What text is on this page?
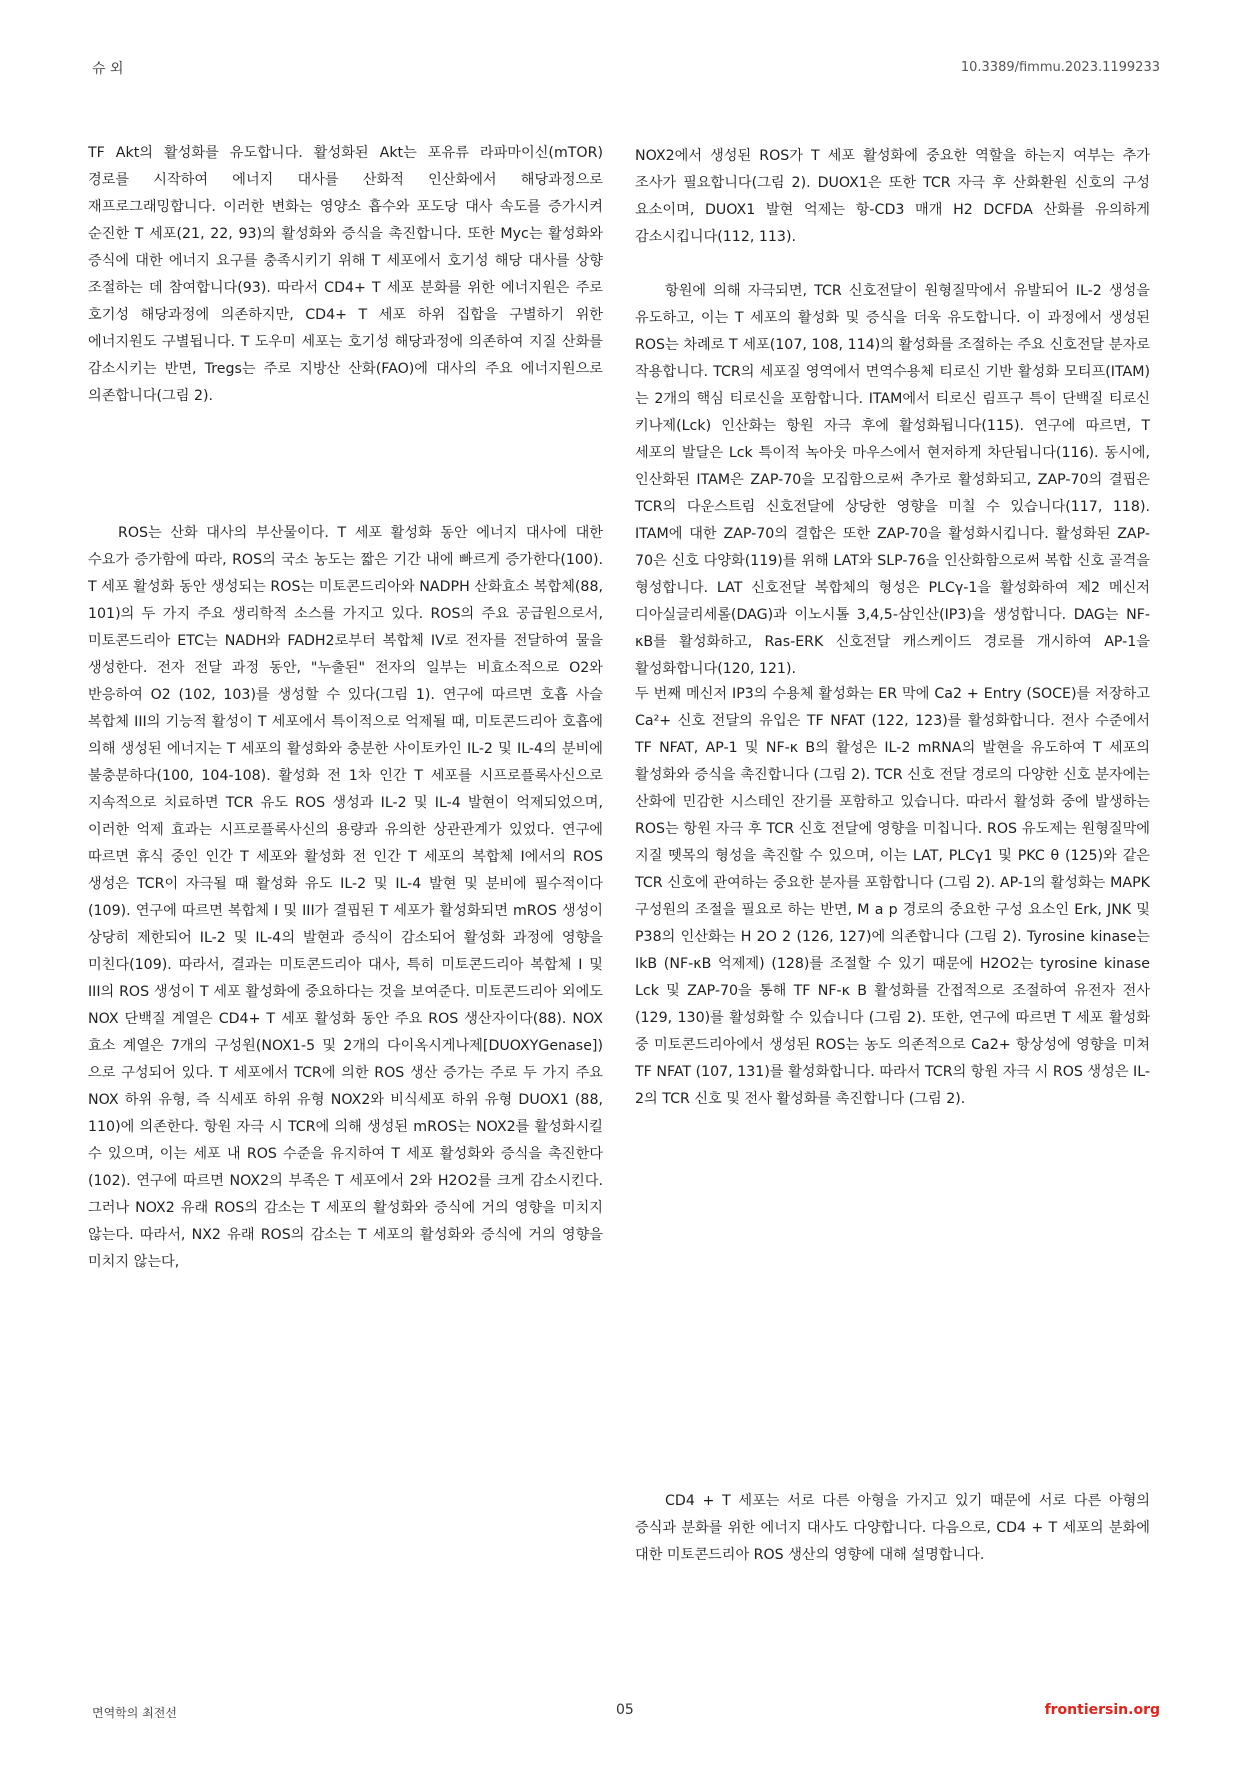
슈 외	10.3389/fimmu.2023.1199233

TF Akt의 활성화를 유도합니다. 활성화된 Akt는 포유류 라파마이신(mTOR) 경로를 시작하여 에너지 대사를 산화적 인산화에서 해당과정으로 재프로그래밍합니다. 이러한 변화는 영양소 흡수와 포도당 대사 속도를 증가시켜 순진한 T 세포(21, 22, 93)의 활성화와 증식을 촉진합니다. 또한 Myc는 활성화와 증식에 대한 에너지 요구를 충족시키기 위해 T 세포에서 호기성 해당 대사를 상향 조절하는 데 참여합니다(93). 따라서 CD4+ T 세포 분화를 위한 에너지원은 주로 호기성 해당과정에 의존하지만, CD4+ T 세포 하위 집합을 구별하기 위한 에너지원도 구별됩니다. T 도우미 세포는 호기성 해당과정에 의존하여 지질 산화를 감소시키는 반면, Tregs는 주로 지방산 산화(FAO)에 대사의 주요 에너지원으로 의존합니다(그림 2).

ROS는 산화 대사의 부산물이다. T 세포 활성화 동안 에너지 대사에 대한 수요가 증가함에 따라, ROS의 국소 농도는 짧은 기간 내에 빠르게 증가한다(100). T 세포 활성화 동안 생성되는 ROS는 미토콘드리아와 NADPH 산화효소 복합체(88, 101)의 두 가지 주요 생리학적 소스를 가지고 있다. ROS의 주요 공급원으로서, 미토콘드리아 ETC는 NADH와 FADH2로부터 복합체 IV로 전자를 전달하여 물을 생성한다. 전자 전달 과정 동안, "누출된" 전자의 일부는 비효소적으로 O2와 반응하여 O2 (102, 103)를 생성할 수 있다(그림 1). 연구에 따르면 호흡 사슬 복합체 III의 기능적 활성이 T 세포에서 특이적으로 억제될 때, 미토콘드리아 호흡에 의해 생성된 에너지는 T 세포의 활성화와 충분한 사이토카인 IL-2 및 IL-4의 분비에 불충분하다(100, 104-108). 활성화 전 1차 인간 T 세포를 시프로플록사신으로 지속적으로 치료하면 TCR 유도 ROS 생성과 IL-2 및 IL-4 발현이 억제되었으며, 이러한 억제 효과는 시프로플록사신의 용량과 유의한 상관관계가 있었다. 연구에 따르면 휴식 중인 인간 T 세포와 활성화 전 인간 T 세포의 복합체 I에서의 ROS 생성은 TCR이 자극될 때 활성화 유도 IL-2 및 IL-4 발현 및 분비에 필수적이다(109). 연구에 따르면 복합체 I 및 III가 결핍된 T 세포가 활성화되면 mROS 생성이 상당히 제한되어 IL-2 및 IL-4의 발현과 증식이 감소되어 활성화 과정에 영향을 미친다(109). 따라서, 결과는 미토콘드리아 대사, 특히 미토콘드리아 복합체 I 및 III의 ROS 생성이 T 세포 활성화에 중요하다는 것을 보여준다. 미토콘드리아 외에도 NOX 단백질 계열은 CD4+ T 세포 활성화 동안 주요 ROS 생산자이다(88). NOX 효소 계열은 7개의 구성원(NOX1-5 및 2개의 다이옥시게나제[DUOXYGenase])으로 구성되어 있다. T 세포에서 TCR에 의한 ROS 생산 증가는 주로 두 가지 주요 NOX 하위 유형, 즉 식세포 하위 유형 NOX2와 비식세포 하위 유형 DUOX1 (88, 110)에 의존한다. 항원 자극 시 TCR에 의해 생성된 mROS는 NOX2를 활성화시킬 수 있으며, 이는 세포 내 ROS 수준을 유지하여 T 세포 활성화와 증식을 촉진한다(102). 연구에 따르면 NOX2의 부족은 T 세포에서 2와 H2O2를 크게 감소시킨다. 그러나 NOX2 유래 ROS의 감소는 T 세포의 활성화와 증식에 거의 영향을 미치지 않는다. 따라서, NX2 유래 ROS의 감소는 T 세포의 활성화와 증식에 거의 영향을 미치지 않는다,

NOX2에서 생성된 ROS가 T 세포 활성화에 중요한 역할을 하는지 여부는 추가 조사가 필요합니다(그림 2). DUOX1은 또한 TCR 자극 후 산화환원 신호의 구성 요소이며, DUOX1 발현 억제는 항-CD3 매개 H2 DCFDA 산화를 유의하게 감소시킵니다(112, 113).

항원에 의해 자극되면, TCR 신호전달이 원형질막에서 유발되어 IL-2 생성을 유도하고, 이는 T 세포의 활성화 및 증식을 더욱 유도합니다. 이 과정에서 생성된 ROS는 차례로 T 세포(107, 108, 114)의 활성화를 조절하는 주요 신호전달 분자로 작용합니다. TCR의 세포질 영역에서 면역수용체 티로신 기반 활성화 모티프(ITAM)는 2개의 핵심 티로신을 포함합니다. ITAM에서 티로신 림프구 특이 단백질 티로신 키나제(Lck) 인산화는 항원 자극 후에 활성화됩니다(115). 연구에 따르면, T 세포의 발달은 Lck 특이적 녹아웃 마우스에서 현저하게 차단됩니다(116). 동시에, 인산화된 ITAM은 ZAP-70을 모집함으로써 추가로 활성화되고, ZAP-70의 결핍은 TCR의 다운스트림 신호전달에 상당한 영향을 미칠 수 있습니다(117, 118). ITAM에 대한 ZAP-70의 결합은 또한 ZAP-70을 활성화시킵니다. 활성화된 ZAP-70은 신호 다양화(119)를 위해 LAT와 SLP-76을 인산화함으로써 복합 신호 골격을 형성합니다. LAT 신호전달 복합체의 형성은 PLCγ-1을 활성화하여 제2 메신저 디아실글리세롤(DAG)과 이노시톨 3,4,5-삼인산(IP3)을 생성합니다. DAG는 NF-κB를 활성화하고, Ras-ERK 신호전달 캐스케이드 경로를 개시하여 AP-1을 활성화합니다(120, 121).

두 번째 메신저 IP3의 수용체 활성화는 ER 막에 Ca2 + Entry (SOCE)를 저장하고 Ca²+ 신호 전달의 유입은 TF NFAT (122, 123)를 활성화합니다. 전사 수준에서 TF NFAT, AP-1 및 NF-κ B의 활성은 IL-2 mRNA의 발현을 유도하여 T 세포의 활성화와 증식을 촉진합니다 (그림 2). TCR 신호 전달 경로의 다양한 신호 분자에는 산화에 민감한 시스테인 잔기를 포함하고 있습니다. 따라서 활성화 중에 발생하는 ROS는 항원 자극 후 TCR 신호 전달에 영향을 미칩니다. ROS 유도제는 원형질막에 지질 뗏목의 형성을 촉진할 수 있으며, 이는 LAT, PLCγ1 및 PKC θ (125)와 같은 TCR 신호에 관여하는 중요한 분자를 포함합니다 (그림 2). AP-1의 활성화는 MAPK 구성원의 조절을 필요로 하는 반면, M a p 경로의 중요한 구성 요소인 Erk, JNK 및 P38의 인산화는 H 2O 2 (126, 127)에 의존합니다 (그림 2). Tyrosine kinase는 IkB (NF-κB 억제제) (128)를 조절할 수 있기 때문에 H2O2는 tyrosine kinase Lck 및 ZAP-70을 통해 TF NF-κ B 활성화를 간접적으로 조절하여 유전자 전사 (129, 130)를 활성화할 수 있습니다 (그림 2). 또한, 연구에 따르면 T 세포 활성화 중 미토콘드리아에서 생성된 ROS는 농도 의존적으로 Ca2+ 항상성에 영향을 미쳐 TF NFAT (107, 131)를 활성화합니다. 따라서 TCR의 항원 자극 시 ROS 생성은 IL-2의 TCR 신호 및 전사 활성화를 촉진합니다 (그림 2).

CD4 + T 세포는 서로 다른 아형을 가지고 있기 때문에 서로 다른 아형의 증식과 분화를 위한 에너지 대사도 다양합니다. 다음으로, CD4 + T 세포의 분화에 대한 미토콘드리아 ROS 생산의 영향에 대해 설명합니다.

면역학의 최전선	05	frontiersin.org
